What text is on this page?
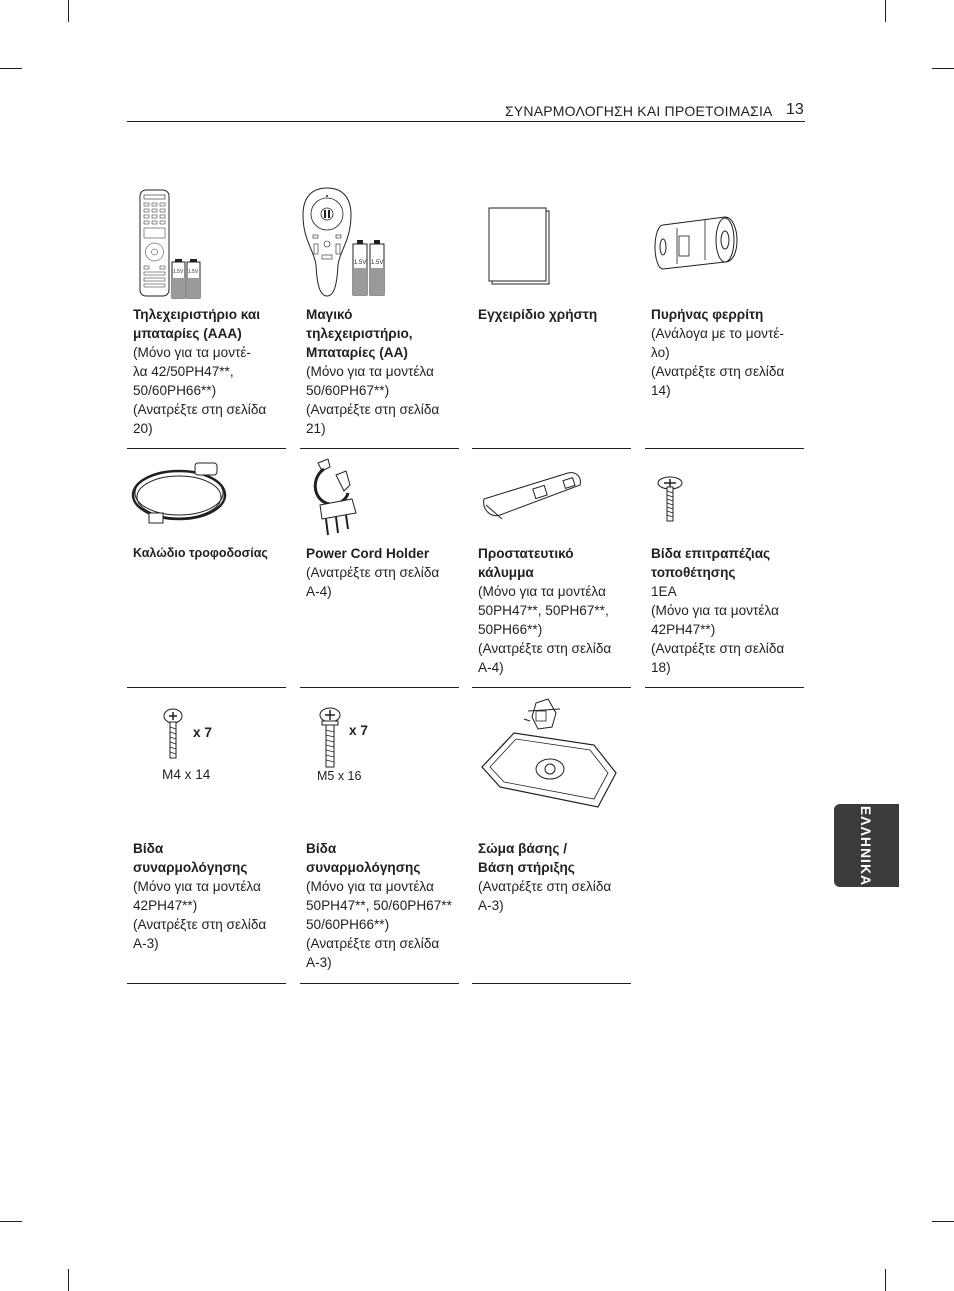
ΣΥΝΑΡΜΟΛΟΓΗΣΗ ΚΑΙ ΠΡΟΕΤΟΙΜΑΣΙΑ 13
1.5V 1.5V
Τηλεχειριστήριο και μπαταρίες (AAA)
(Μόνο για τα μοντέ-
λα 42/50PH47**,
50/60PH66**)
(Ανατρέξτε στη σελίδα
20)
1.5V 1.5V
Μαγικό τηλεχειριστήριο, Μπαταρίες (AA)
(Μόνο για τα μοντέλα
50/60PH67**)
(Ανατρέξτε στη σελίδα
21)
Εγχειρίδιο χρήστη	Πυρήνας φερρίτη
(Ανάλογα με το μοντέ-
λο)
(Ανατρέξτε στη σελίδα
14)
Καλώδιο τροφοδοσίας	Power Cord Holder
(Ανατρέξτε στη σελίδα
A-4)
Προστατευτικό κάλυμμα
(Μόνο για τα μοντέλα
50PH47**, 50PH67**,
50PH66**)
(Ανατρέξτε στη σελίδα
A-4)
Βίδα επιτραπέζιας τοποθέτησης
1EA
(Μόνο για τα μοντέλα
42PH47**)
(Ανατρέξτε στη σελίδα
18)
x 7
M4 x 14
Βίδα συναρμολόγησης
(Μόνο για τα μοντέλα
42PH47**)
(Ανατρέξτε στη σελίδα
A-3)
x 7
M5 x 16
Βίδα συναρμολόγησης
(Μόνο για τα μοντέλα
50PH47**, 50/60PH67**
50/60PH66**)
(Ανατρέξτε στη σελίδα
A-3)
Σώμα βάσης / Βάση στήριξης
(Ανατρέξτε στη σελίδα
A-3)
ΕΛΛΗΝΙΚΑ
